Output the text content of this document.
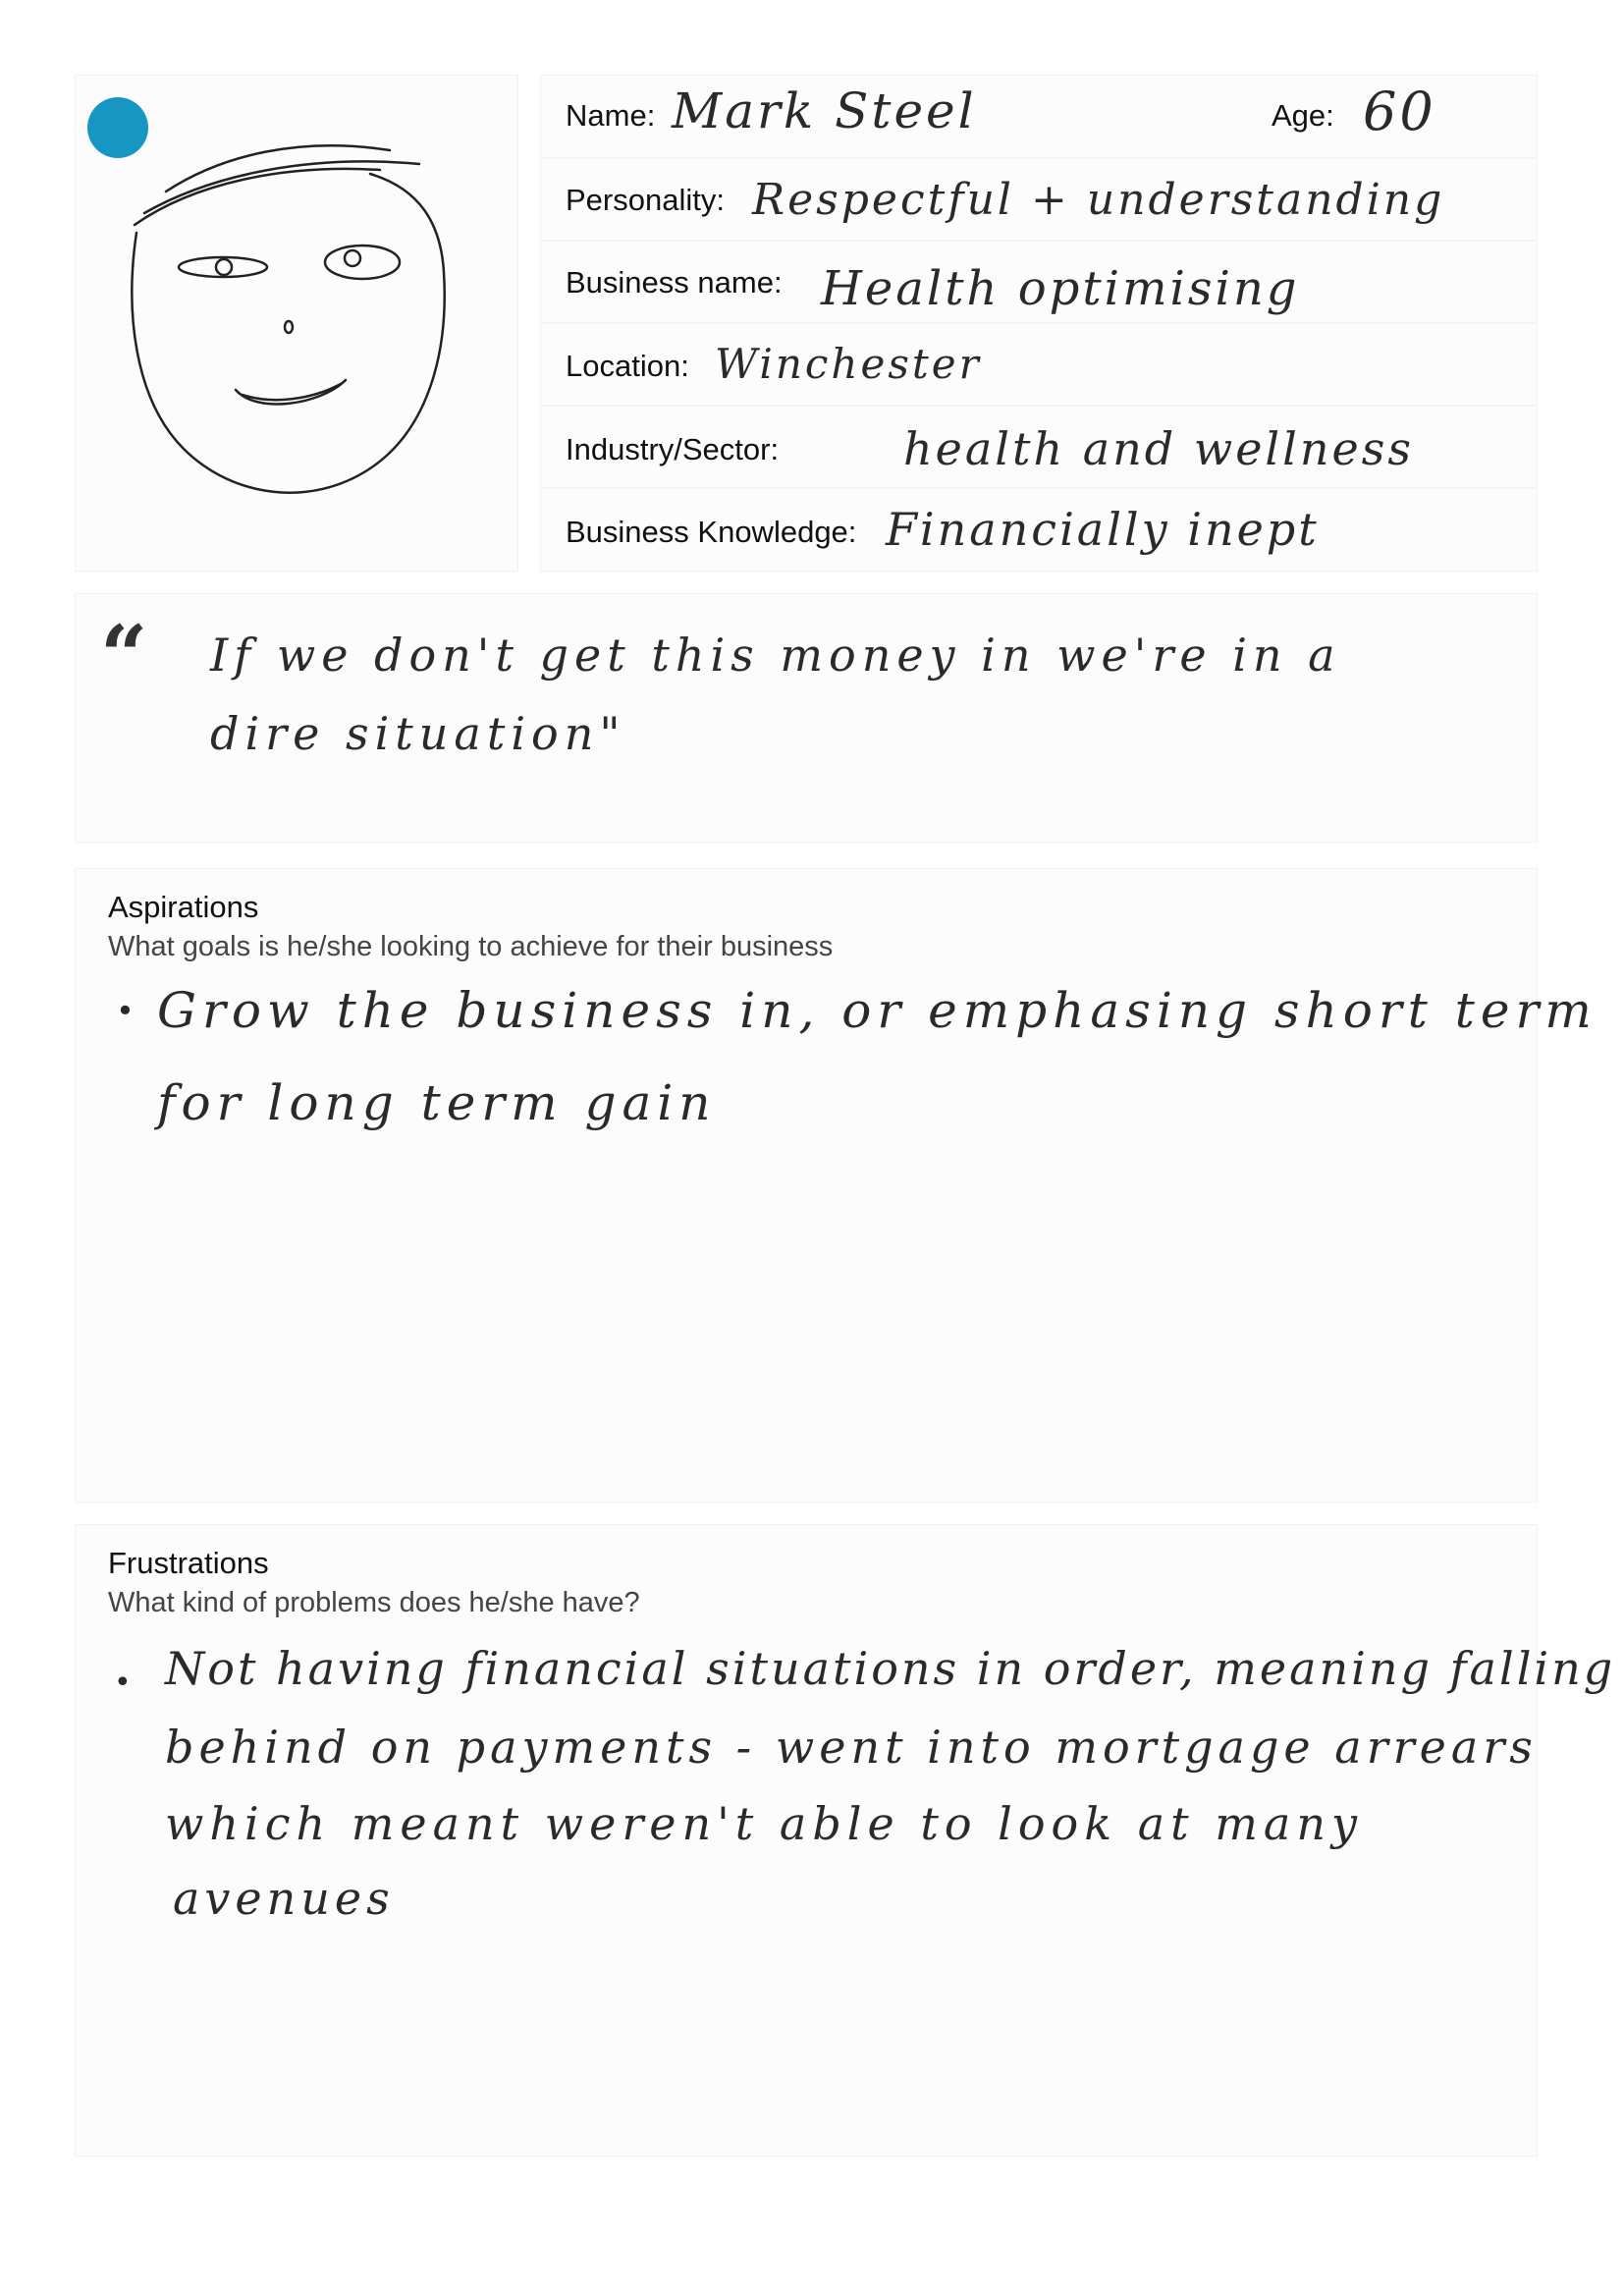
Name: Mark Steel	Age: 60
Personality: Respectful + understanding
Business name: Health optimising
Location: Winchester
Industry/Sector:	health and wellness
Business Knowledge: Financially inept
“ If we don't get this money in we're in a
dire situation"
Aspirations
What goals is he/she looking to achieve for their business
• Grow the business in, or emphasing short term
for long term gain
Frustrations
What kind of problems does he/she have?
• Not having financial situations in order, meaning falling
behind on payments - went into mortgage arrears
which meant weren't able to look at many
avenues
